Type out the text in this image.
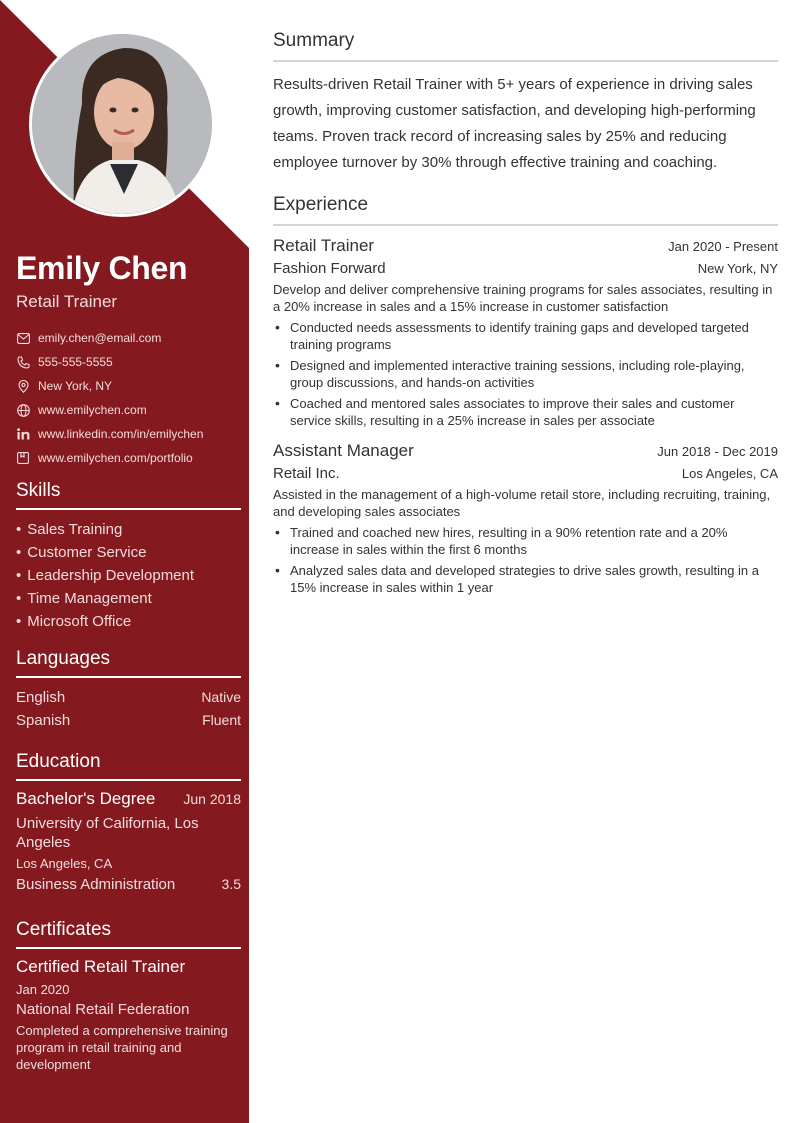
Emily Chen
Retail Trainer
emily.chen@email.com
555-555-5555
New York, NY
www.emilychen.com
www.linkedin.com/in/emilychen
www.emilychen.com/portfolio
Skills
• Sales Training
• Customer Service
• Leadership Development
• Time Management
• Microsoft Office
Languages
English	Native
Spanish	Fluent
Education
Bachelor's Degree Jun 2018
University of California, Los Angeles
Los Angeles, CA
Business Administration	3.5
Certificates
Certified Retail Trainer
Jan 2020
National Retail Federation
Completed a comprehensive training program in retail training and development
Summary

Results-driven Retail Trainer with 5+ years of experience in driving sales growth, improving customer satisfaction, and developing high-performing teams. Proven track record of increasing sales by 25% and reducing employee turnover by 30% through effective training and coaching.

Experience
Retail Trainer	Jan 2020 - Present
Fashion Forward	New York, NY
Develop and deliver comprehensive training programs for sales associates, resulting in a 20% increase in sales and a 15% increase in customer satisfaction
• Conducted needs assessments to identify training gaps and developed targeted training programs
• Designed and implemented interactive training sessions, including role-playing, group discussions, and hands-on activities
• Coached and mentored sales associates to improve their sales and customer service skills, resulting in a 25% increase in sales per associate
Assistant Manager	Jun 2018 - Dec 2019
Retail Inc.	Los Angeles, CA
Assisted in the management of a high-volume retail store, including recruiting, training, and developing sales associates
• Trained and coached new hires, resulting in a 90% retention rate and a 20% increase in sales within the first 6 months
• Analyzed sales data and developed strategies to drive sales growth, resulting in a 15% increase in sales within 1 year
